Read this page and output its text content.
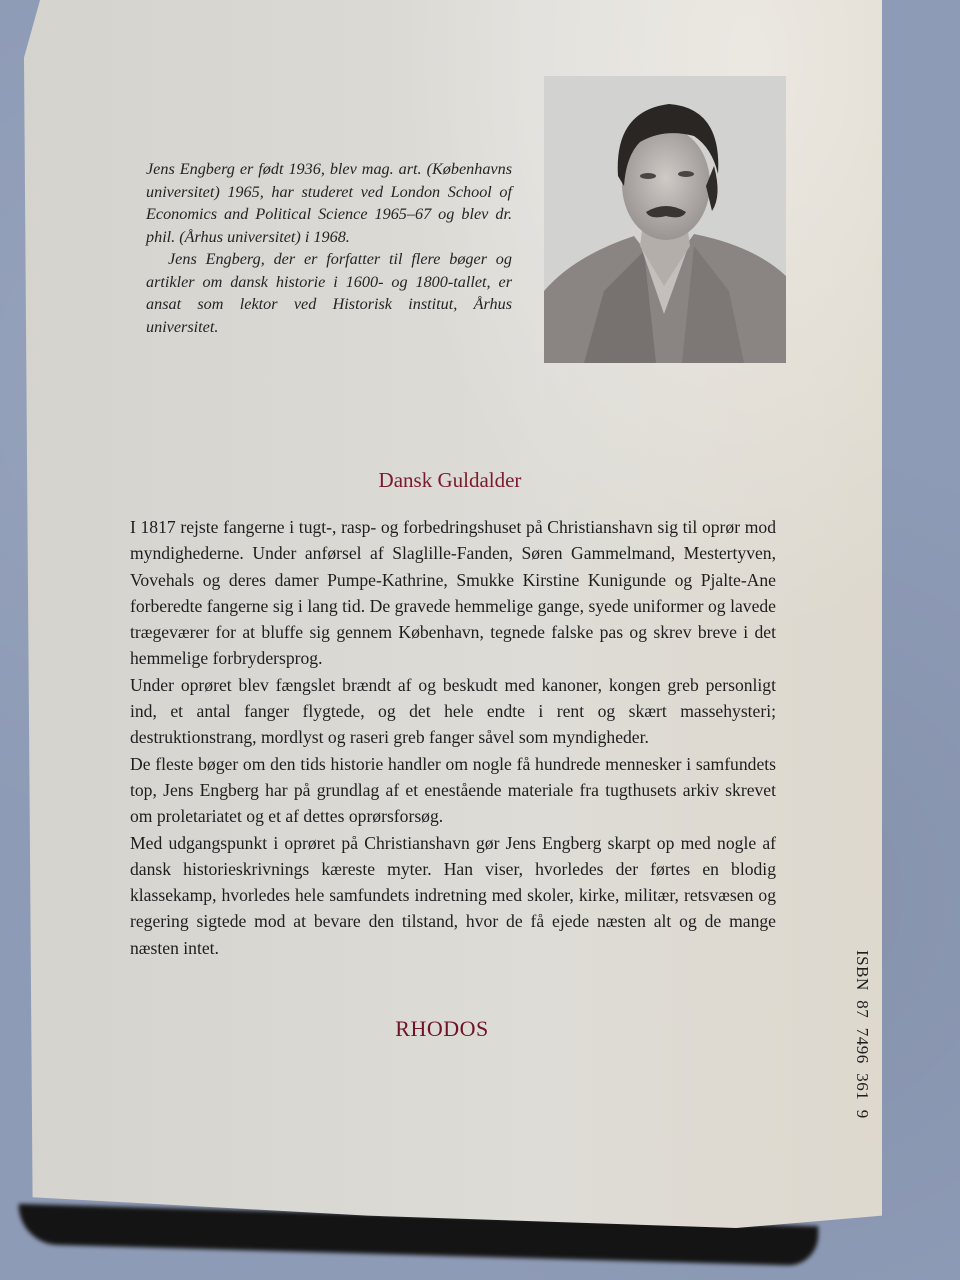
Jens Engberg er født 1936, blev mag. art. (Københavns universitet) 1965, har studeret ved London School of Economics and Political Science 1965–67 og blev dr. phil. (Århus universitet) i 1968.

Jens Engberg, der er forfatter til flere bøger og artikler om dansk historie i 1600- og 1800-tallet, er ansat som lektor ved Historisk institut, Århus universitet.

Dansk Guldalder

I 1817 rejste fangerne i tugt-, rasp- og forbedringshuset på Christianshavn sig til oprør mod myndighederne. Under anførsel af Slaglille-Fanden, Søren Gammelmand, Mestertyven, Vovehals og deres damer Pumpe-Kathrine, Smukke Kirstine Kunigunde og Pjalte-Ane forberedte fangerne sig i lang tid. De gravede hemmelige gange, syede uniformer og lavede trægeværer for at bluffe sig gennem København, tegnede falske pas og skrev breve i det hemmelige forbrydersprog.

Under oprøret blev fængslet brændt af og beskudt med kanoner, kongen greb personligt ind, et antal fanger flygtede, og det hele endte i rent og skært massehysteri; destruktionstrang, mordlyst og raseri greb fanger såvel som myndigheder.

De fleste bøger om den tids historie handler om nogle få hundrede mennesker i samfundets top, Jens Engberg har på grundlag af et enestående materiale fra tugthusets arkiv skrevet om proletariatet og et af dettes oprørsforsøg.

Med udgangspunkt i oprøret på Christianshavn gør Jens Engberg skarpt op med nogle af dansk historieskrivnings kæreste myter. Han viser, hvorledes der førtes en blodig klassekamp, hvorledes hele samfundets indretning med skoler, kirke, militær, retsvæsen og regering sigtede mod at bevare den tilstand, hvor de få ejede næsten alt og de mange næsten intet.

RHODOS	ISBN  87  7496  361  9
